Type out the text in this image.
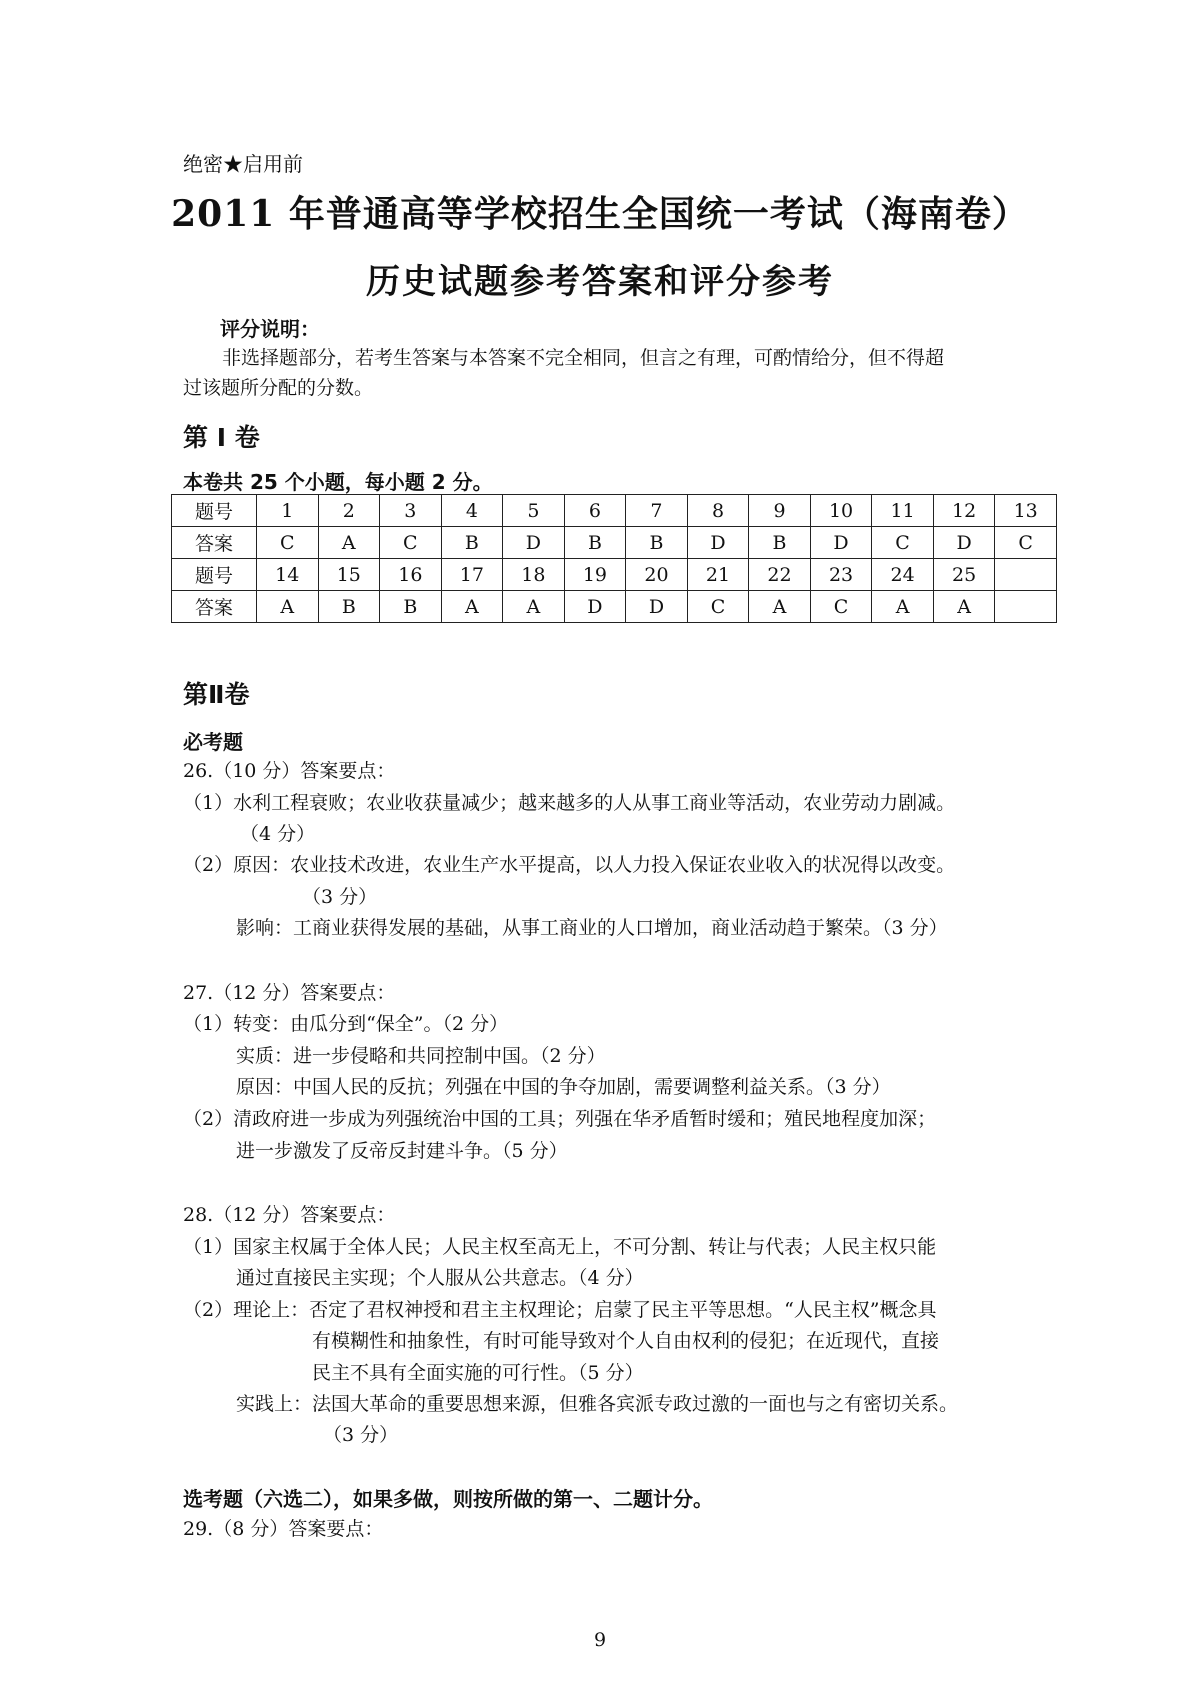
绝密★启用前
2011 年普通高等学校招生全国统一考试（海南卷）
历史试题参考答案和评分参考
评分说明：
非选择题部分，若考生答案与本答案不完全相同，但言之有理，可酌情给分，但不得超
过该题所分配的分数。
第 I 卷
本卷共 25 个小题，每小题 2 分。
题号	1	2	3	4	5	6	7	8	9	10	11	12	13
答案	C	A	C	B	D	B	B	D	B	D	C	D	C
题号	14	15	16	17	18	19	20	21	22	23	24	25	
答案	A	B	B	A	A	D	D	C	A	C	A	A	
第Ⅱ卷
必考题
26.（10 分）答案要点：
（1）水利工程衰败；农业收获量减少；越来越多的人从事工商业等活动，农业劳动力剧减。
（4 分）
（2）原因：农业技术改进，农业生产水平提高，以人力投入保证农业收入的状况得以改变。
（3 分）
影响：工商业获得发展的基础，从事工商业的人口增加，商业活动趋于繁荣。（3 分）
27.（12 分）答案要点：
（1）转变：由瓜分到“保全”。（2 分）
实质：进一步侵略和共同控制中国。（2 分）
原因：中国人民的反抗；列强在中国的争夺加剧，需要调整利益关系。（3 分）
（2）清政府进一步成为列强统治中国的工具；列强在华矛盾暂时缓和；殖民地程度加深；
进一步激发了反帝反封建斗争。（5 分）
28.（12 分）答案要点：
（1）国家主权属于全体人民；人民主权至高无上，不可分割、转让与代表；人民主权只能
通过直接民主实现；个人服从公共意志。（4 分）
（2）理论上：否定了君权神授和君主主权理论；启蒙了民主平等思想。“人民主权”概念具
有模糊性和抽象性，有时可能导致对个人自由权利的侵犯；在近现代，直接
民主不具有全面实施的可行性。（5 分）
实践上：法国大革命的重要思想来源，但雅各宾派专政过激的一面也与之有密切关系。
（3 分）
选考题（六选二），如果多做，则按所做的第一、二题计分。
29.（8 分）答案要点：
9
